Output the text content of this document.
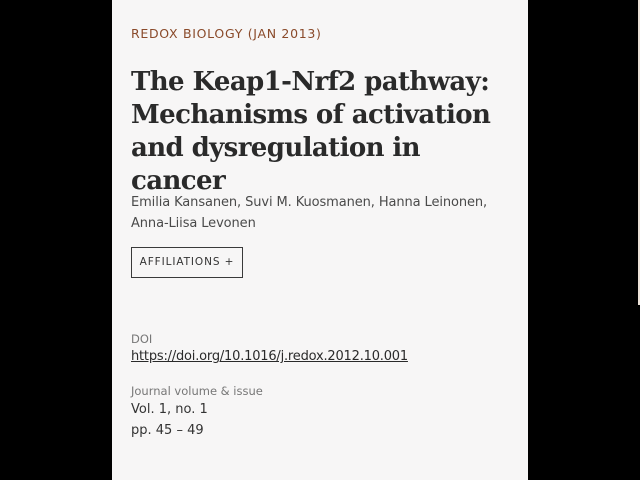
REDOX BIOLOGY (JAN 2013)
The Keap1-Nrf2 pathway: Mechanisms of activation and dysregulation in cancer
Emilia Kansanen, Suvi M. Kuosmanen, Hanna Leinonen, Anna-Liisa Levonen
AFFILIATIONS +
DOI
https://doi.org/10.1016/j.redox.2012.10.001
Journal volume & issue
Vol. 1, no. 1
pp. 45 – 49
